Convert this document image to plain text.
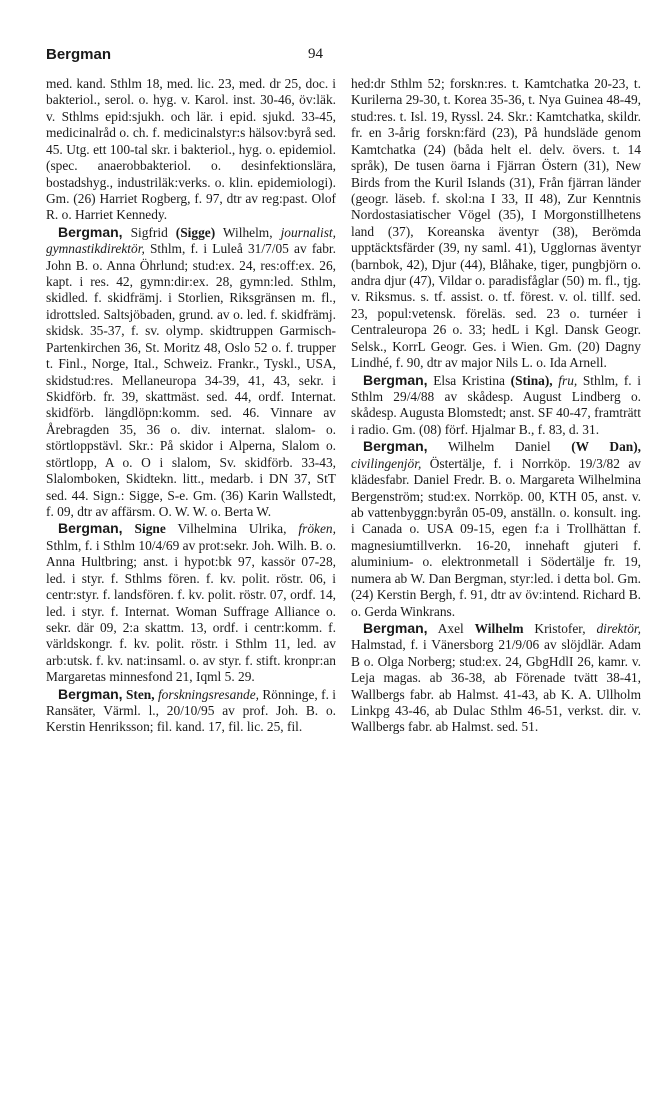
Bergman	94

med. kand. Sthlm 18, med. lic. 23, med. dr 25, doc. i bakteriol., serol. o. hyg. v. Karol. inst. 30-46, öv:läk. v. Sthlms epid:sjukh. och lär. i epid. sjukd. 33-45, medicinalråd o. ch. f. medicinalstyr:s hälsov:byrå sed. 45. Utg. ett 100-tal skr. i bakteriol., hyg. o. epidemiol. (spec. anaerobbakteriol. o. desinfektionslära, bostadshyg., industriläk:verks. o. klin. epidemiologi). Gm. (26) Harriet Rogberg, f. 97, dtr av reg:past. Olof R. o. Harriet Kennedy.

Bergman, Sigfrid (Sigge) Wilhelm, journalist, gymnastikdirektör, Sthlm, f. i Luleå 31/7/05 av fabr. John B. o. Anna Öhrlund; stud:ex. 24, res:off:ex. 26, kapt. i res. 42, gymn:dir:ex. 28, gymn:led. Sthlm, skidled. f. skidfrämj. i Storlien, Riksgränsen m. fl., idrottsled. Saltsjöbaden, grund. av o. led. f. skidfrämj. skidsk. 35-37, f. sv. olymp. skidtruppen Garmisch-Partenkirchen 36, St. Moritz 48, Oslo 52 o. f. trupper t. Finl., Norge, Ital., Schweiz. Frankr., Tyskl., USA, skidstud:res. Mellaneuropa 34-39, 41, 43, sekr. i Skidförb. fr. 39, skattmäst. sed. 44, ordf. Internat. skidförb. längdlöpn:komm. sed. 46. Vinnare av Årebragden 35, 36 o. div. internat. slalom- o. störtloppstävl. Skr.: På skidor i Alperna, Slalom o. störtlopp, A o. O i slalom, Sv. skidförb. 33-43, Slalomboken, Skidtekn. litt., medarb. i DN 37, StT sed. 44. Sign.: Sigge, S-e. Gm. (36) Karin Wallstedt, f. 09, dtr av affärsm. O. W. W. o. Berta W.

Bergman, Signe Vilhelmina Ulrika, fröken, Sthlm, f. i Sthlm 10/4/69 av prot:sekr. Joh. Wilh. B. o. Anna Hultbring; anst. i hypot:bk 97, kassör 07-28, led. i styr. f. Sthlms fören. f. kv. polit. röstr. 06, i centr:styr. f. landsfören. f. kv. polit. röstr. 07, ordf. 14, led. i styr. f. Internat. Woman Suffrage Alliance o. sekr. där 09, 2:a skattm. 13, ordf. i centr:komm. f. världskongr. f. kv. polit. röstr. i Sthlm 11, led. av arb:utsk. f. kv. nat:insaml. o. av styr. f. stift. kronpr:an Margaretas minnesfond 21, Iqml 5. 29.

Bergman, Sten, forskningsresande, Rönninge, f. i Ransäter, Värml. l., 20/10/95 av prof. Joh. B. o. Kerstin Henriksson; fil. kand. 17, fil. lic. 25, fil.

hed:dr Sthlm 52; forskn:res. t. Kamtchatka 20-23, t. Kurilerna 29-30, t. Korea 35-36, t. Nya Guinea 48-49, stud:res. t. Isl. 19, Ryssl. 24. Skr.: Kamtchatka, skildr. fr. en 3-årig forskn:färd (23), På hundsläde genom Kamtchatka (24) (båda helt el. delv. övers. t. 14 språk), De tusen öarna i Fjärran Östern (31), New Birds from the Kuril Islands (31), Från fjärran länder (geogr. läseb. f. skol:na I 33, II 48), Zur Kenntnis Nordostasiatischer Vögel (35), I Morgonstillhetens land (37), Koreanska äventyr (38), Berömda upptäcktsfärder (39, ny saml. 41), Ugglornas äventyr (barnbok, 42), Djur (44), Blåhake, tiger, pungbjörn o. andra djur (47), Vildar o. paradisfåglar (50) m. fl., tjg. v. Riksmus. s. tf. assist. o. tf. förest. v. ol. tillf. sed. 23, popul:vetensk. föreläs. sed. 23 o. turnéer i Centraleuropa 26 o. 33; hedL i Kgl. Dansk Geogr. Selsk., KorrL Geogr. Ges. i Wien. Gm. (20) Dagny Lindhé, f. 90, dtr av major Nils L. o. Ida Arnell.

Bergman, Elsa Kristina (Stina), fru, Sthlm, f. i Sthlm 29/4/88 av skådesp. August Lindberg o. skådesp. Augusta Blomstedt; anst. SF 40-47, framträtt i radio. Gm. (08) förf. Hjalmar B., f. 83, d. 31.

Bergman, Wilhelm Daniel (W Dan), civilingenjör, Östertälje, f. i Norrköp. 19/3/82 av klädesfabr. Daniel Fredr. B. o. Margareta Wilhelmina Bergenström; stud:ex. Norrköp. 00, KTH 05, anst. v. ab vattenbyggn:byrån 05-09, anställn. o. konsult. ing. i Canada o. USA 09-15, egen f:a i Trollhättan f. magnesiumtillverkn. 16-20, innehaft gjuteri f. aluminium- o. elektronmetall i Södertälje fr. 19, numera ab W. Dan Bergman, styr:led. i detta bol. Gm. (24) Kerstin Bergh, f. 91, dtr av öv:intend. Richard B. o. Gerda Winkrans.

Bergman, Axel Wilhelm Kristofer, direktör, Halmstad, f. i Vänersborg 21/9/06 av slöjdlär. Adam B o. Olga Norberg; stud:ex. 24, GbgHdlI 26, kamr. v. Leja magas. ab 36-38, ab Förenade tvätt 38-41, Wallbergs fabr. ab Halmst. 41-43, ab K. A. Ullholm Linkpg 43-46, ab Dulac Sthlm 46-51, verkst. dir. v. Wallbergs fabr. ab Halmst. sed. 51.
